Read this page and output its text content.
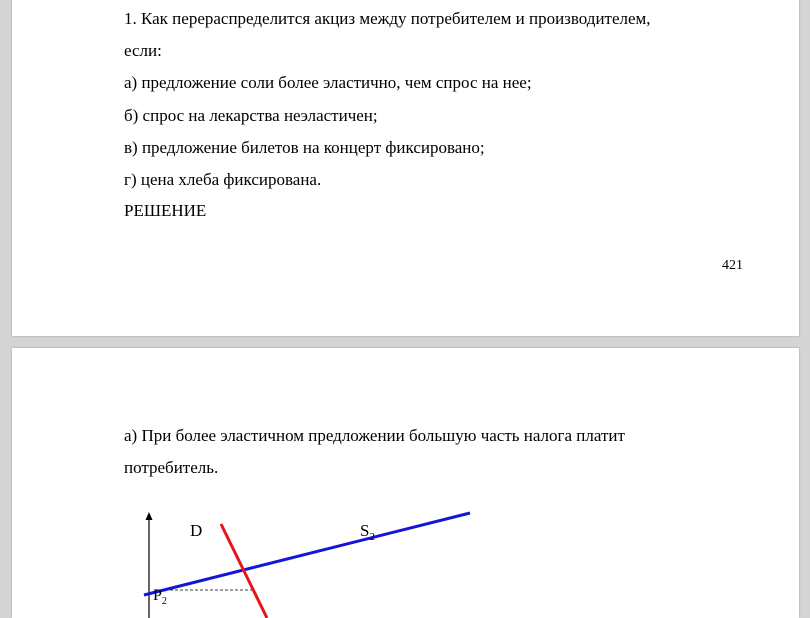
1. Как перераспределится акциз между потребителем и производителем,
если:
а) предложение соли более эластично, чем спрос на нее;
б) спрос на лекарства неэластичен;
в) предложение билетов на концерт фиксировано;
г) цена хлеба фиксирована.
РЕШЕНИЕ
421
а) При более эластичном предложении большую часть налога платит
потребитель.
D	$S_2$
$P_2$
